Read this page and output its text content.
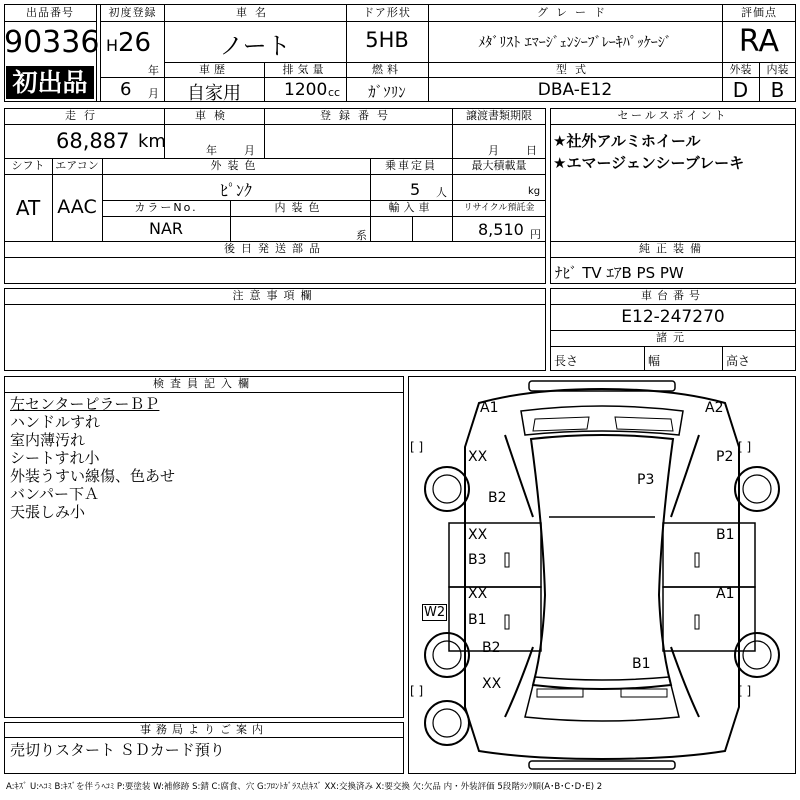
出品番号
90336
初出品
初度登録
H 26
年
6 月
車名
ノート
ドア形状
5HB
グレード
ﾒﾀﾞﾘｽﾄ ｴﾏｰｼﾞｪﾝｼｰﾌﾞﾚｰｷﾊﾟｯｹｰｼﾞ
評価点
RA
車歴	排気量	燃料	型式	外装	内装
自家用	1200 cc	ｶﾞｿﾘﾝ	DBA-E12	D	B
走行
68,887 km
車検
年 月
登録番号	譲渡書類期限
月 日
シフト
AT
エアコン
AAC
外装色
ﾋﾟﾝｸ
乗車定員
5 人
最大積載量
kg
カラーNo.
NAR
内装色
系
輸入車	リサイクル預託金
8,510 円
後日発送部品
セールスポイント
★社外アルミホイール
★エマージェンシーブレーキ
純正装備
ﾅﾋﾞ TV ｴｱB PS PW
注意事項欄	車台番号
E12-247270
諸元
長さ	幅	高さ
検査員記入欄
左センターピラーＢＰ
ハンドルすれ
室内薄汚れ
シートすれ小
外装うすい線傷、色あせ
バンパー下Ａ
天張しみ小
事務局よりご案内
売切りスタート ＳＤカード預り
[ ]	[ ]
[ ]	[ ]
A1	A2
XX	P2
B2
P3
XX
B3
B1
XX
B1
A1
W2
B2
B1
XX
A:ｷｽﾞ U:ﾍｺﾐ B:ｷｽﾞを伴うﾍｺﾐ P:要塗装 W:補修跡 S:錆 C:腐食、穴 G:ﾌﾛﾝﾄｶﾞﾗｽ点ｷｽﾞ XX:交換済み X:要交換 欠:欠品 内・外装評価 5段階ﾗﾝｸ順(A･B･C･D･E) 2
